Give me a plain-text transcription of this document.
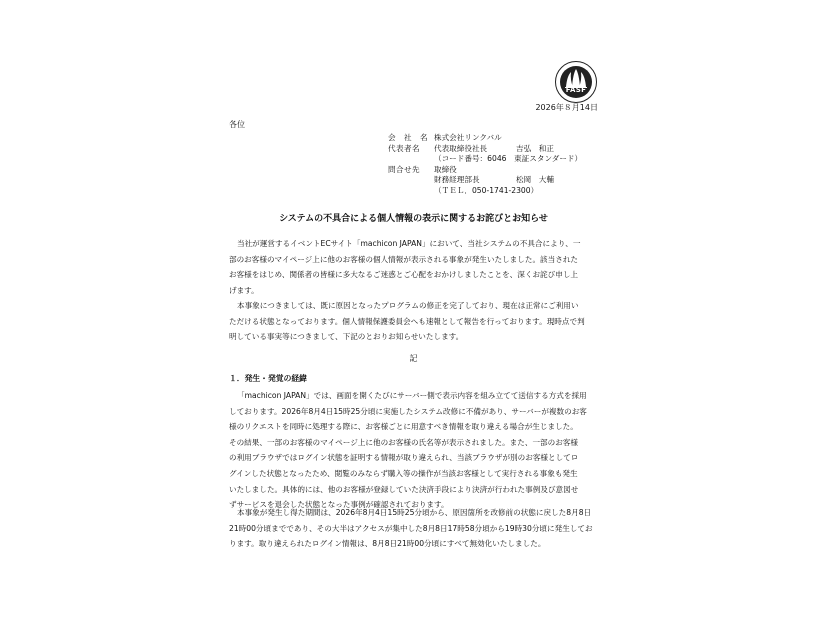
FASF
2026年８月14日
各位
会　社　名 株式会社リンクバル
代表者名 代表取締役社長	吉弘　和正
（コード番号：6046　東証スタンダード）
問合せ先 取締役
財務経理部長	松岡　大輔
（ＴＥＬ．050-1741-2300）
システムの不具合による個人情報の表示に関するお詫びとお知らせ
当社が運営するイベントECサイト「machicon JAPAN」において、当社システムの不具合により、一
部のお客様のマイページ上に他のお客様の個人情報が表示される事象が発生いたしました。該当された
お客様をはじめ、関係者の皆様に多大なるご迷惑とご心配をおかけしましたことを、深くお詫び申し上
げます。
本事象につきましては、既に原因となったプログラムの修正を完了しており、現在は正常にご利用い
ただける状態となっております。個人情報保護委員会へも速報として報告を行っております。現時点で判
明している事実等につきまして、下記のとおりお知らせいたします。
記
１．発生・発覚の経緯
「machicon JAPAN」では、画面を開くたびにサーバー側で表示内容を組み立てて送信する方式を採用
しております。2026年8月4日15時25分頃に実施したシステム改修に不備があり、サーバーが複数のお客
様のリクエストを同時に処理する際に、お客様ごとに用意すべき情報を取り違える場合が生じました。
その結果、一部のお客様のマイページ上に他のお客様の氏名等が表示されました。また、一部のお客様
の利用ブラウザではログイン状態を証明する情報が取り違えられ、当該ブラウザが別のお客様としてロ
グインした状態となったため、閲覧のみならず購入等の操作が当該お客様として実行される事象も発生
いたしました。具体的には、他のお客様が登録していた決済手段により決済が行われた事例及び意図せ
ずサービスを退会した状態となった事例が確認されております。
本事象が発生し得た期間は、2026年8月4日15時25分頃から、原因箇所を改修前の状態に戻した8月8日
21時00分頃までであり、その大半はアクセスが集中した8月8日17時58分頃から19時30分頃に発生してお
ります。取り違えられたログイン情報は、8月8日21時00分頃にすべて無効化いたしました。
